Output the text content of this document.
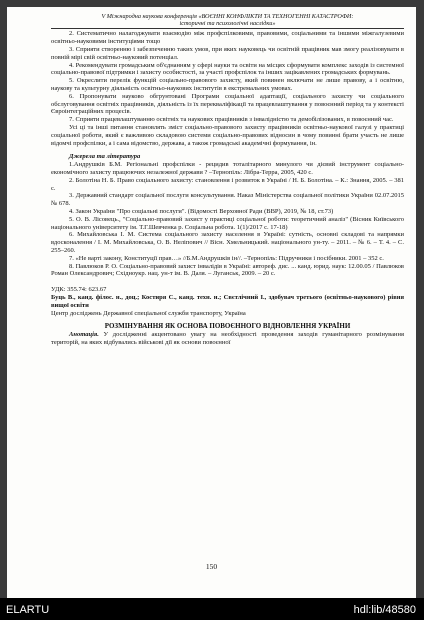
V Міжнародна наукова конференція «ВОЄННІ КОНФЛІКТИ ТА ТЕХНОГЕННІ КАТАСТРОФИ:
історичні та психологічні наслідки»

2. Систематично налагоджувати взаємодію між профспілковими, правовими, соціальними та іншими міжгалузевими освітньо-науковими інституціями тощо

3. Сприяти створенню і забезпеченню таких умов, при яких науковець чи освітній працівник мав змогу реалізовувати в повній мірі свій освітньо-науковий потенціал.

4. Рекомендувати громадським об'єднанням у сфері науки та освіти на місцях сформувати комплекс заходів із системної соціально-правової підтримки і захисту особистості, за участі профспілок та інших зацікавлених громадських формувань.

5. Окреслити перелік функцій соціально-правового захисту, який повинен включати не лише правову, а і освітню, наукову та культурну діяльність освітньо-наукових інститутів в екстремальних умовах.

6. Пропонувати науково обгрунтовані Програми соціальної адаптації, соціального захисту чи соціального обслуговування освітніх працівників, діяльність із їх перекваліфікації та працевлаштування у повоєнний період та у контексті Євроінтеграційних процесів.

7. Сприяти працевлаштуванню освітніх та наукових працівників з інвалідністю та демобілізованих, в повоєнний час.

Усі ці та інші питання становлять зміст соціально-правового захисту працівників освітньо-наукової галузі у практиці соціальної роботи, який є важливою складовою системи соціально-правових відносин в чому повинні брати участь не лише відомчі профспілки, а і сама відомство, держава, а також громадські академічні формування, ін.

Джерела та література

1.Андрушків Б.М. Регіональні профспілки - рецидив тоталітарного минулого чи дієвий інструмент соціально-економічного захисту працюючих незалежної держави ? –Тернопіль: Лібра-Терра, 2005, 420 с.

2. Болотіна Н. Б. Право соціального захисту: становлення і розвиток в Україні / Н. Б. Болотіна. – К.: Знання, 2005. – 381 с.

3. Державний стандарт соціальної послуги консультування. Наказ Міністерства соціальної політики України 02.07.2015 № 678.

4. Закон України "Про соціальні послуги". (Відомості Верховної Ради (ВВР), 2019, № 18, ст.73)

5. О. В. Лісовець., "Соціально-правовий захист у практиці соціальної роботи: теоретичний аналіз" (Вісник Київського національного університету ім. Т.Г.Шевченка р. Соціальна робота. 1(1)/2017 с. 17-18)

6. Михайловська І. М. Система соціального захисту населення в Україні: сутність, основні складові та напрямки вдосконалення / І. М. Михайловська, О. В. Неліпович // Вісн. Хмельницький. національного ун-ту. – 2011. – № 6. – Т. 4. – С. 255–260.

7. «Не варті закону, Конституції прав…» //Б.М.Андрушків ін//. –Тернопіль: Підручники і посібники. 2001 – 352 с.

8. Павлюков Р. О. Соціально-правовий захист інвалідів в Україні: автореф. дис. ... канд. юрид. наук: 12.00.05 / Павлюков Роман Олександрович; Східноукр. нац. ун-т ім. В. Даля. – Луганськ, 2009. – 20 с.

УДК: 355.74: 623.67

Буць В., канд. філос. н., доц.; Костиря С., канд. техн. н.; Свєтлічний І., здобувач третього (освітньо-наукового) рівня вищої освіти

Центр досліджень Державної спеціальної служби транспорту, Україна

РОЗМІНУВАННЯ ЯК ОСНОВА ПОВОЄННОГО ВІДНОВЛЕННЯ УКРАЇНИ

Анотація. У дослідженні акцентовано увагу на необхідності проведення заходів гуманітарного розмінування територій, на яких відбувались військові дії як основи повоєнної

150
ELARTU	hdl:lib/48580
